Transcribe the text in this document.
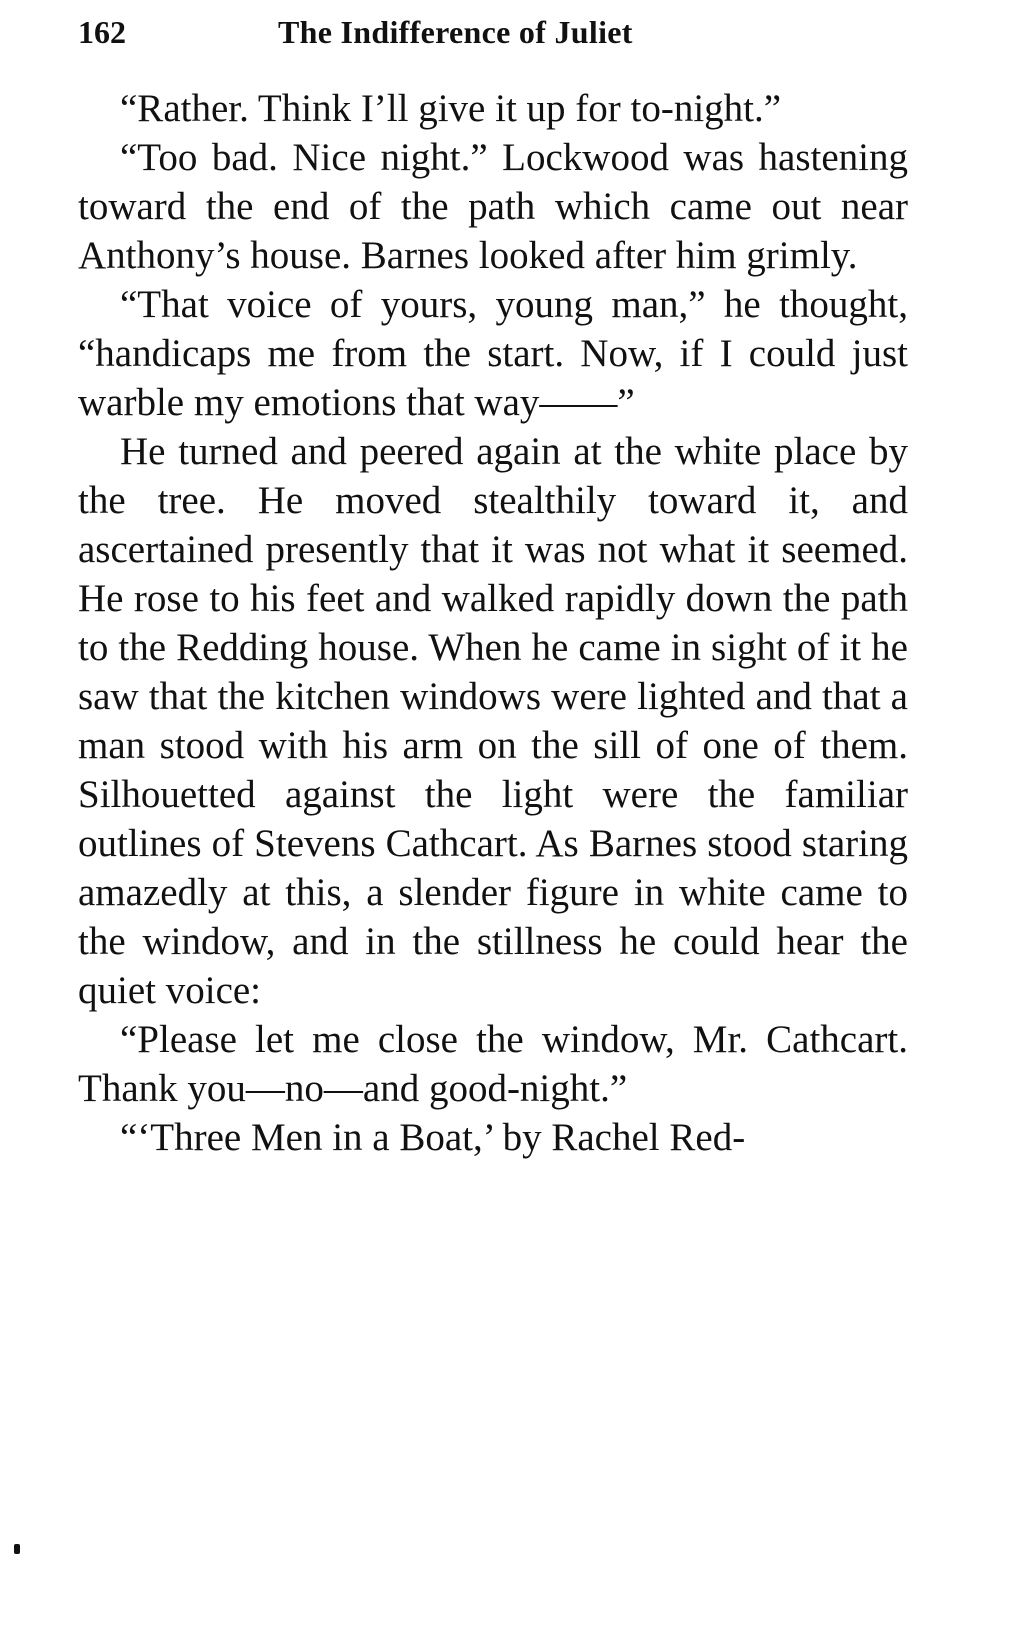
162	The Indifference of Juliet

“Rather. Think I’ll give it up for to-night.”

“Too bad. Nice night.” Lockwood was hastening toward the end of the path which came out near Anthony’s house. Barnes looked after him grimly.

“That voice of yours, young man,” he thought, “handicaps me from the start. Now, if I could just warble my emotions that way——”

He turned and peered again at the white place by the tree. He moved stealthily toward it, and ascertained presently that it was not what it seemed. He rose to his feet and walked rapidly down the path to the Redding house. When he came in sight of it he saw that the kitchen windows were lighted and that a man stood with his arm on the sill of one of them. Silhouetted against the light were the familiar outlines of Stevens Cathcart. As Barnes stood staring amazedly at this, a slender figure in white came to the window, and in the stillness he could hear the quiet voice:

“Please let me close the window, Mr. Cathcart. Thank you—no—and good-night.”

“‘Three Men in a Boat,’ by Rachel Red-
